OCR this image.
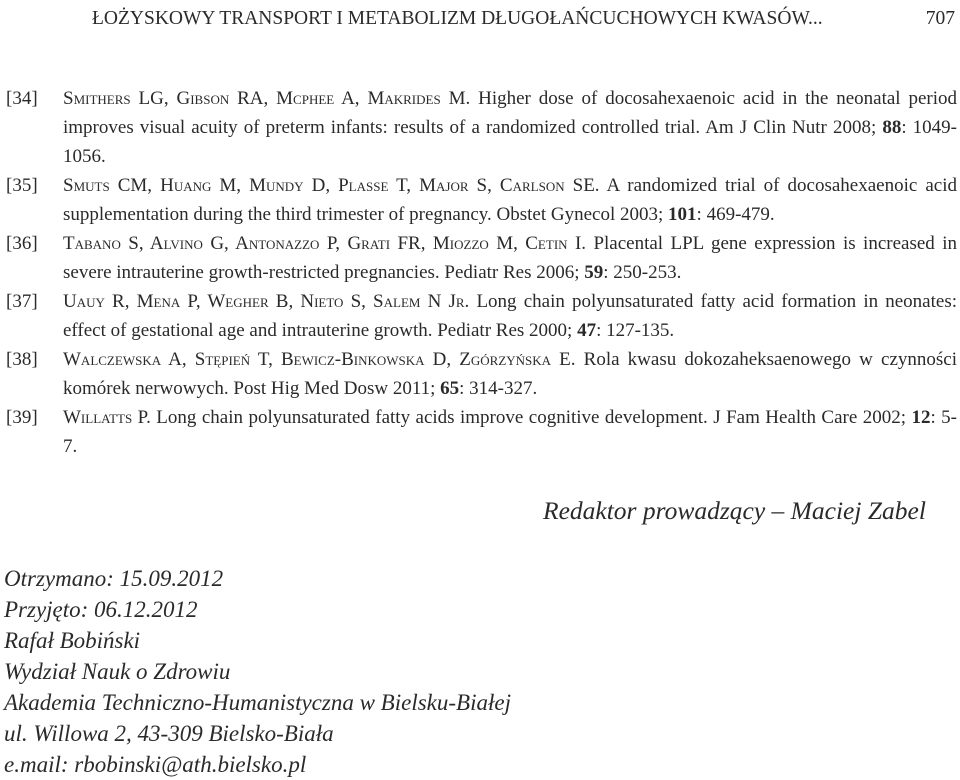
ŁOŻYSKOWY TRANSPORT I METABOLIZM DŁUGOŁAŃCUCHOWYCH KWASÓW...	707

[34] Smithers LG, Gibson RA, Mcphee A, Makrides M. Higher dose of docosahexaenoic acid in the neonatal period improves visual acuity of preterm infants: results of a randomized controlled trial. Am J Clin Nutr 2008; 88: 1049-1056.

[35] Smuts CM, Huang M, Mundy D, Plasse T, Major S, Carlson SE. A randomized trial of docosahexaenoic acid supplementation during the third trimester of pregnancy. Obstet Gynecol 2003; 101: 469-479.

[36] Tabano S, Alvino G, Antonazzo P, Grati FR, Miozzo M, Cetin I. Placental LPL gene expression is increased in severe intrauterine growth-restricted pregnancies. Pediatr Res 2006; 59: 250-253.

[37] Uauy R, Mena P, Wegher B, Nieto S, Salem N Jr. Long chain polyunsaturated fatty acid formation in neonates: effect of gestational age and intrauterine growth. Pediatr Res 2000; 47: 127-135.

[38] Walczewska A, Stępień T, Bewicz-Binkowska D, Zgórzyńska E. Rola kwasu dokozaheksaenowego w czynności komórek nerwowych. Post Hig Med Dosw 2011; 65: 314-327.

[39] Willatts P. Long chain polyunsaturated fatty acids improve cognitive development. J Fam Health Care 2002; 12: 5-7.

Redaktor prowadzący – Maciej Zabel
Otrzymano: 15.09.2012
Przyjęto: 06.12.2012
Rafał Bobiński
Wydział Nauk o Zdrowiu
Akademia Techniczno-Humanistyczna w Bielsku-Białej
ul. Willowa 2, 43-309 Bielsko-Biała
e.mail: rbobinski@ath.bielsko.pl
